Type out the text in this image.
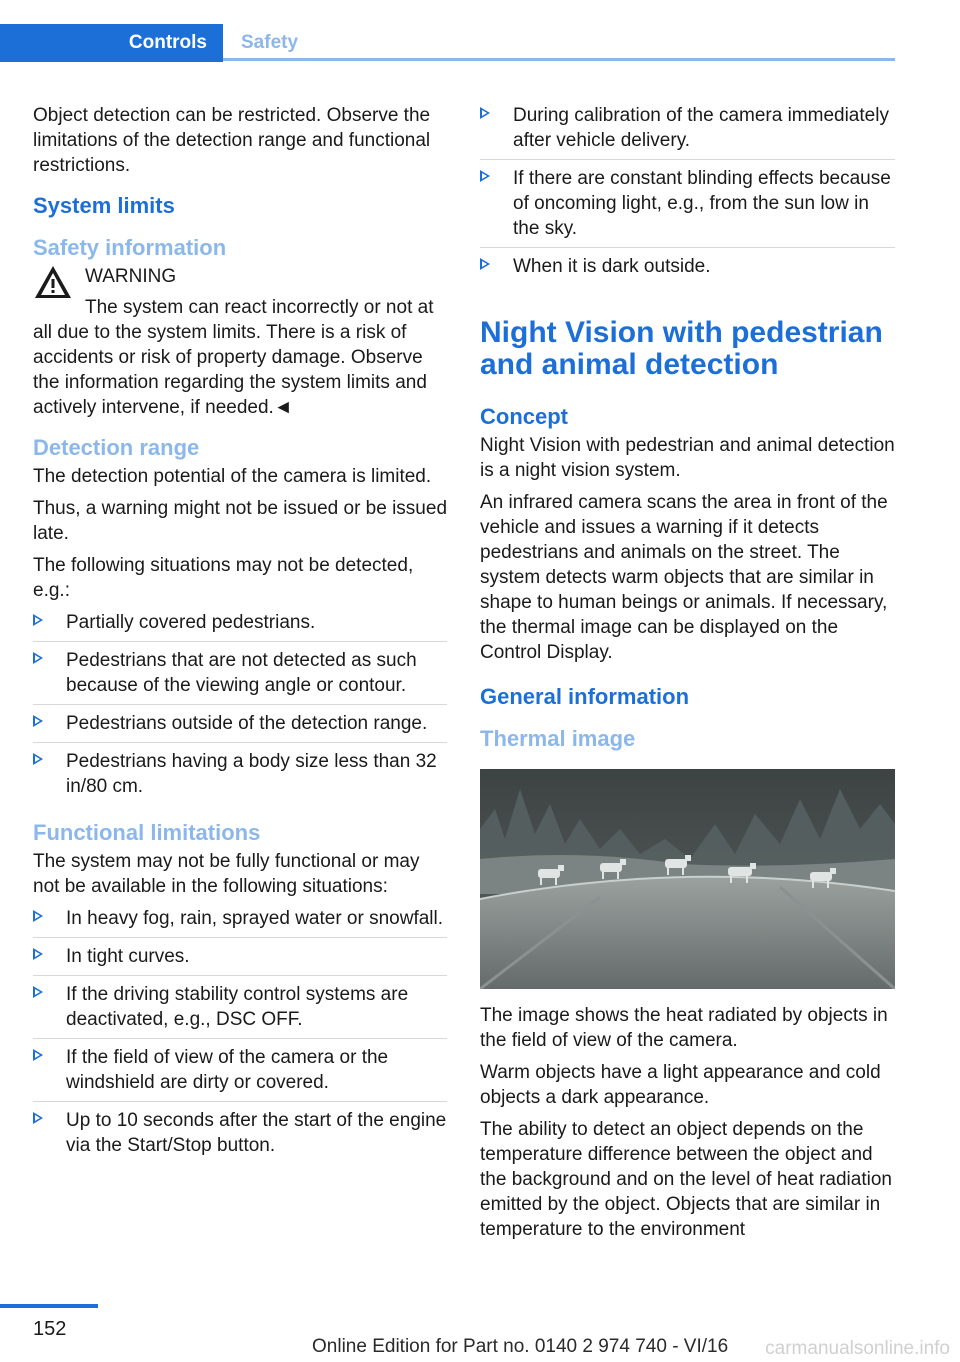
Controls	Safety

Object detection can be restricted. Observe the limitations of the detection range and functional restrictions.

System limits
Safety information
WARNING

The system can react incorrectly or not at all due to the system limits. There is a risk of accidents or risk of property damage. Observe the information regarding the system limits and actively intervene, if needed.◄

Detection range

The detection potential of the camera is limited.

Thus, a warning might not be issued or be issued late.

The following situations may not be detected, e.g.:

Partially covered pedestrians.
Pedestrians that are not detected as such because of the viewing angle or contour.
Pedestrians outside of the detection range.
Pedestrians having a body size less than 32 in/80 cm.
Functional limitations

The system may not be fully functional or may not be available in the following situations:

In heavy fog, rain, sprayed water or snowfall.
In tight curves.
If the driving stability control systems are deactivated, e.g., DSC OFF.
If the field of view of the camera or the windshield are dirty or covered.
Up to 10 seconds after the start of the engine via the Start/Stop button.
During calibration of the camera immediately after vehicle delivery.
If there are constant blinding effects because of oncoming light, e.g., from the sun low in the sky.
When it is dark outside.
Night Vision with pedestrian and animal detection
Concept

Night Vision with pedestrian and animal detection is a night vision system.

An infrared camera scans the area in front of the vehicle and issues a warning if it detects pedestrians and animals on the street. The system detects warm objects that are similar in shape to human beings or animals. If necessary, the thermal image can be displayed on the Control Display.

General information
Thermal image

The image shows the heat radiated by objects in the field of view of the camera.

Warm objects have a light appearance and cold objects a dark appearance.

The ability to detect an object depends on the temperature difference between the object and the background and on the level of heat radiation emitted by the object. Objects that are similar in temperature to the environment

152
Online Edition for Part no. 0140 2 974 740 - VI/16 carmanualsonline.info
